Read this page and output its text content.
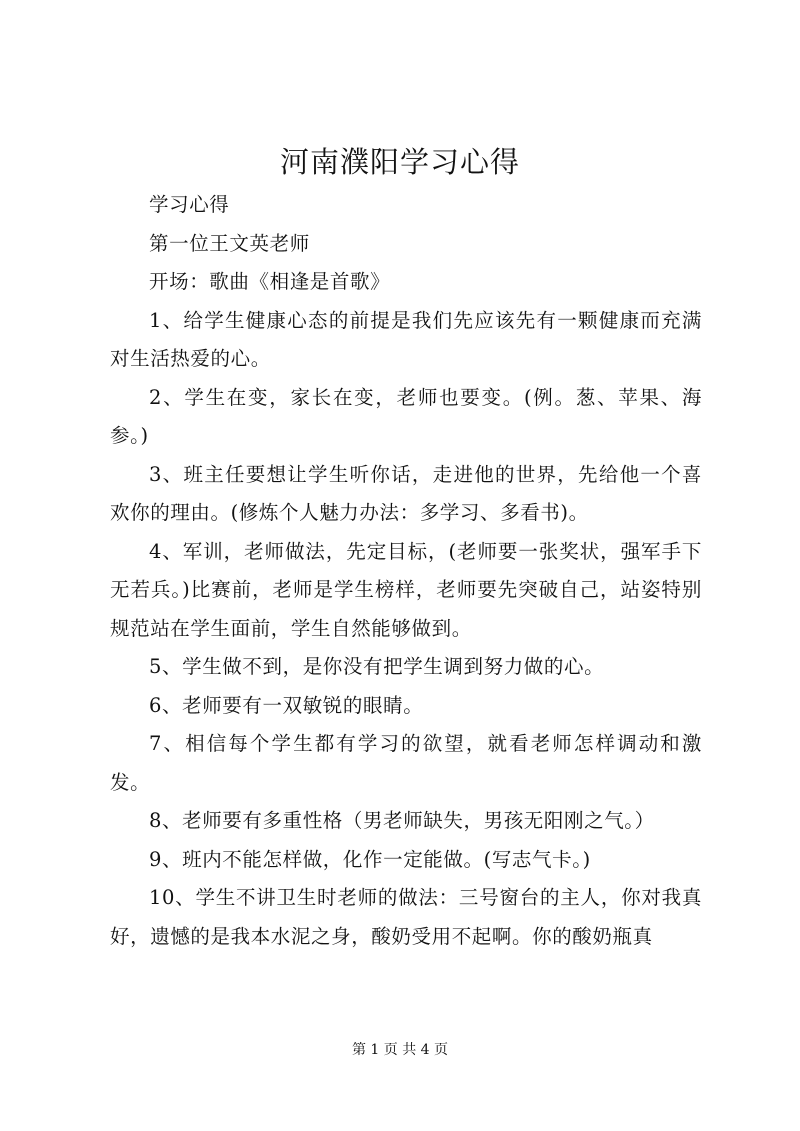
河南濮阳学习心得

学习心得

第一位王文英老师

开场：歌曲《相逢是首歌》

1、给学生健康心态的前提是我们先应该先有一颗健康而充满对生活热爱的心。

2、学生在变，家长在变，老师也要变。(例。葱、苹果、海参。)

3、班主任要想让学生听你话，走进他的世界，先给他一个喜欢你的理由。(修炼个人魅力办法：多学习、多看书)。

4、军训，老师做法，先定目标，(老师要一张奖状，强军手下无若兵。)比赛前，老师是学生榜样，老师要先突破自己，站姿特别规范站在学生面前，学生自然能够做到。

5、学生做不到，是你没有把学生调到努力做的心。

6、老师要有一双敏锐的眼睛。

7、相信每个学生都有学习的欲望，就看老师怎样调动和激发。

8、老师要有多重性格（男老师缺失，男孩无阳刚之气。）

9、班内不能怎样做，化作一定能做。(写志气卡。)

10、学生不讲卫生时老师的做法：三号窗台的主人，你对我真好，遗憾的是我本水泥之身，酸奶受用不起啊。你的酸奶瓶真

第 1 页 共 4 页
